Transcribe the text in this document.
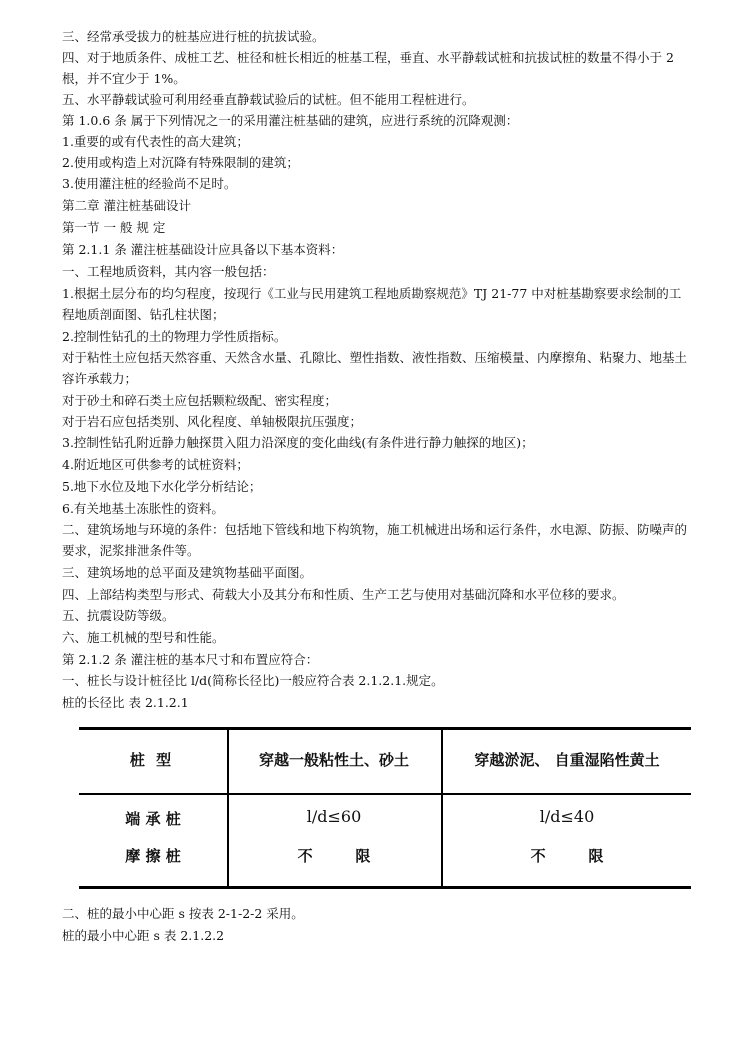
三、经常承受拔力的桩基应进行桩的抗拔试验。

四、对于地质条件、成桩工艺、桩径和桩长相近的桩基工程，垂直、水平静载试桩和抗拔试桩的数量不得小于 2 根，并不宜少于 1%。

五、水平静载试验可利用经垂直静载试验后的试桩。但不能用工程桩进行。

第 1.0.6 条 属于下列情况之一的采用灌注桩基础的建筑，应进行系统的沉降观测：

1.重要的或有代表性的高大建筑；

2.使用或构造上对沉降有特殊限制的建筑；

3.使用灌注桩的经验尚不足时。

第二章 灌注桩基础设计

第一节 一 般 规 定

第 2.1.1 条 灌注桩基础设计应具备以下基本资料：

一、工程地质资料，其内容一般包括：

1.根据土层分布的均匀程度，按现行《工业与民用建筑工程地质勘察规范》TJ 21-77 中对桩基勘察要求绘制的工程地质剖面图、钻孔柱状图；

2.控制性钻孔的土的物理力学性质指标。

对于粘性土应包括天然容重、天然含水量、孔隙比、塑性指数、液性指数、压缩模量、内摩擦角、粘聚力、地基土容许承载力；

对于砂土和碎石类土应包括颗粒级配、密实程度；

对于岩石应包括类别、风化程度、单轴极限抗压强度；

3.控制性钻孔附近静力触探贯入阻力沿深度的变化曲线(有条件进行静力触探的地区)；

4.附近地区可供参考的试桩资料；

5.地下水位及地下水化学分析结论；

6.有关地基土冻胀性的资料。

二、建筑场地与环境的条件：包括地下管线和地下构筑物，施工机械进出场和运行条件，水电源、防振、防噪声的要求，泥浆排泄条件等。

三、建筑场地的总平面及建筑物基础平面图。

四、上部结构类型与形式、荷载大小及其分布和性质、生产工艺与使用对基础沉降和水平位移的要求。

五、抗震设防等级。

六、施工机械的型号和性能。

第 2.1.2 条 灌注桩的基本尺寸和布置应符合：

一、桩长与设计桩径比 l/d(简称长径比)一般应符合表 2.1.2.1.规定。

桩的长径比 表 2.1.2.1

桩 型	穿越一般粘性土、砂土	穿越淤泥、 自重湿陷性黄土
端 承 桩	l/d≤60	l/d≤40
摩 擦 桩	不 限	不 限

二、桩的最小中心距 s 按表 2-1-2-2 采用。

桩的最小中心距 s 表 2.1.2.2
